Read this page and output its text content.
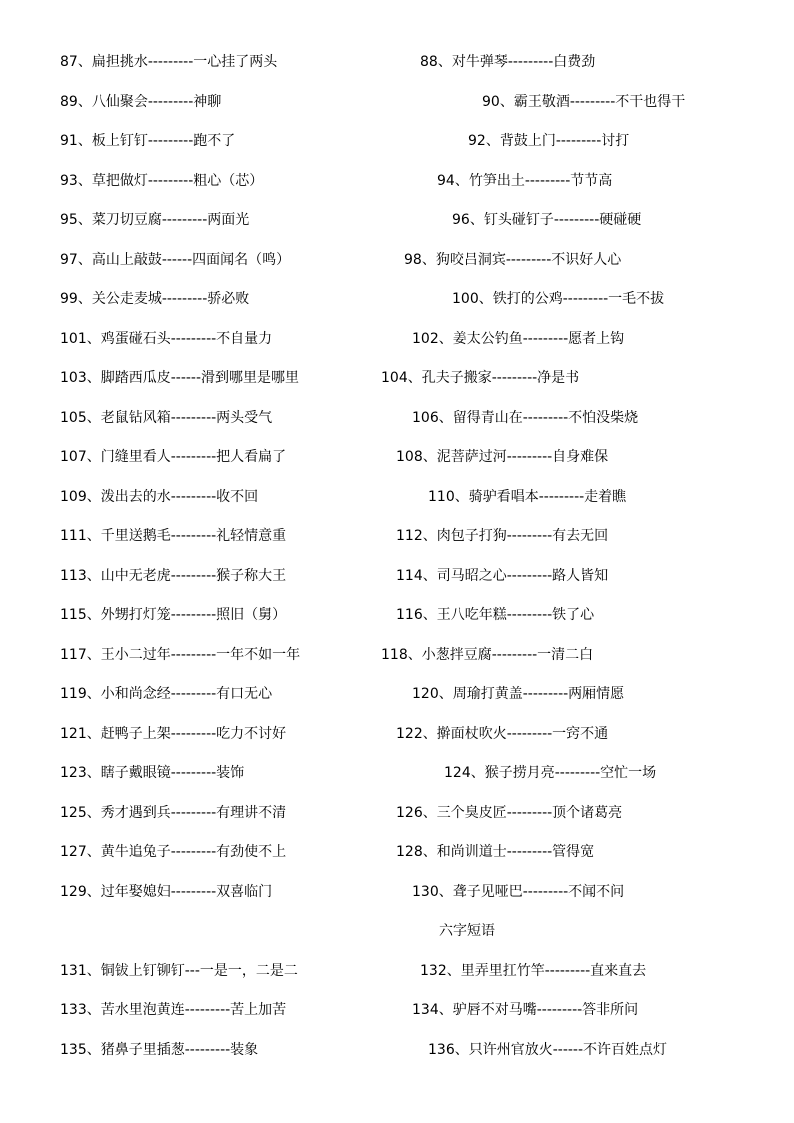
87、扁担挑水---------一心挂了两头	88、对牛弹琴---------白费劲
89、八仙聚会---------神聊	90、霸王敬酒---------不干也得干
91、板上钉钉---------跑不了	92、背鼓上门---------讨打
93、草把做灯---------粗心（芯）	94、竹笋出土---------节节高
95、菜刀切豆腐---------两面光	96、钉头碰钉子---------硬碰硬
97、高山上敲鼓------四面闻名（鸣）	98、狗咬吕洞宾---------不识好人心
99、关公走麦城---------骄必败	100、铁打的公鸡---------一毛不拔
101、鸡蛋碰石头---------不自量力	102、姜太公钓鱼---------愿者上钩
103、脚踏西瓜皮------滑到哪里是哪里	104、孔夫子搬家---------净是书
105、老鼠钻风箱---------两头受气	106、留得青山在---------不怕没柴烧
107、门缝里看人---------把人看扁了	108、泥菩萨过河---------自身难保
109、泼出去的水---------收不回	110、骑驴看唱本---------走着瞧
111、千里送鹅毛---------礼轻情意重	112、肉包子打狗---------有去无回
113、山中无老虎---------猴子称大王	114、司马昭之心---------路人皆知
115、外甥打灯笼---------照旧（舅）	116、王八吃年糕---------铁了心
117、王小二过年---------一年不如一年	118、小葱拌豆腐---------一清二白
119、小和尚念经---------有口无心	120、周瑜打黄盖---------两厢情愿
121、赶鸭子上架---------吃力不讨好	122、擀面杖吹火---------一窍不通
123、瞎子戴眼镜---------装饰	124、猴子捞月亮---------空忙一场
125、秀才遇到兵---------有理讲不清	126、三个臭皮匠---------顶个诸葛亮
127、黄牛追兔子---------有劲使不上	128、和尚训道士---------管得宽
129、过年娶媳妇---------双喜临门	130、聋子见哑巴---------不闻不问
六字短语
131、铜钹上钉铆钉---一是一，二是二	132、里弄里扛竹竿---------直来直去
133、苦水里泡黄连---------苦上加苦	134、驴唇不对马嘴---------答非所问
135、猪鼻子里插葱---------装象	136、只许州官放火------不许百姓点灯
